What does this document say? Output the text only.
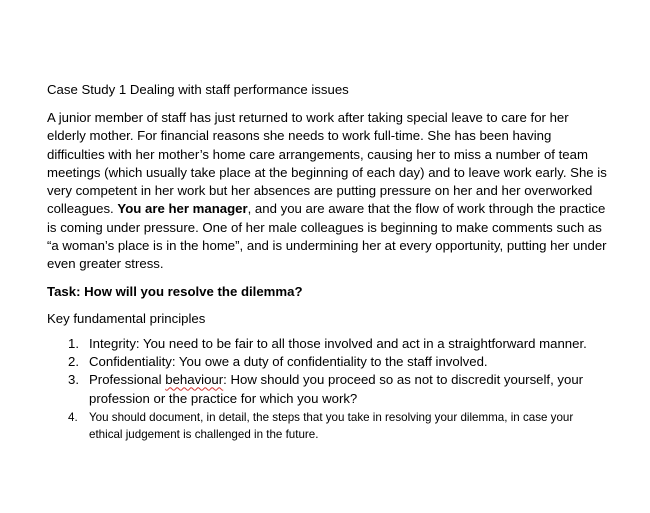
Case Study 1 Dealing with staff performance issues

A junior member of staff has just returned to work after taking special leave to care for her elderly mother. For financial reasons she needs to work full-time. She has been having difficulties with her mother’s home care arrangements, causing her to miss a number of team meetings (which usually take place at the beginning of each day) and to leave work early. She is very competent in her work but her absences are putting pressure on her and her overworked colleagues. You are her manager, and you are aware that the flow of work through the practice is coming under pressure. One of her male colleagues is beginning to make comments such as “a woman’s place is in the home”, and is undermining her at every opportunity, putting her under even greater stress.

Task: How will you resolve the dilemma?
Key fundamental principles
1. Integrity: You need to be fair to all those involved and act in a straightforward manner.
2. Confidentiality: You owe a duty of confidentiality to the staff involved.
3. Professional behaviour: How should you proceed so as not to discredit yourself, your profession or the practice for which you work?
4. You should document, in detail, the steps that you take in resolving your dilemma, in case your ethical judgement is challenged in the future.
